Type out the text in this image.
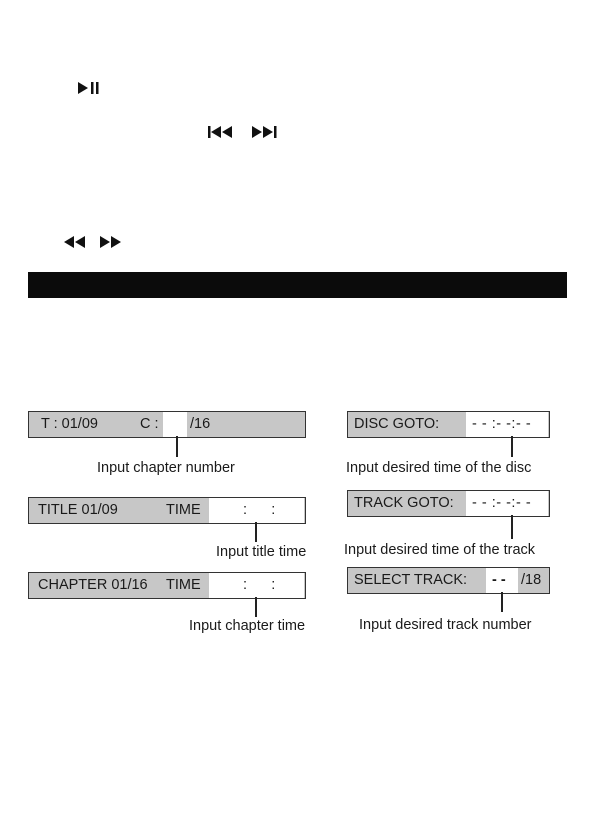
T : 01/09	C : /16
Input chapter number
TITLE 01/09	TIME	:      :
Input title time
CHAPTER 01/16 TIME	:      :
Input chapter time
DISC GOTO: - - :- -:- -
Input desired time of the disc
TRACK GOTO: - - :- -:- -
Input desired time of the track
SELECT TRACK: - - /18
Input desired track number
